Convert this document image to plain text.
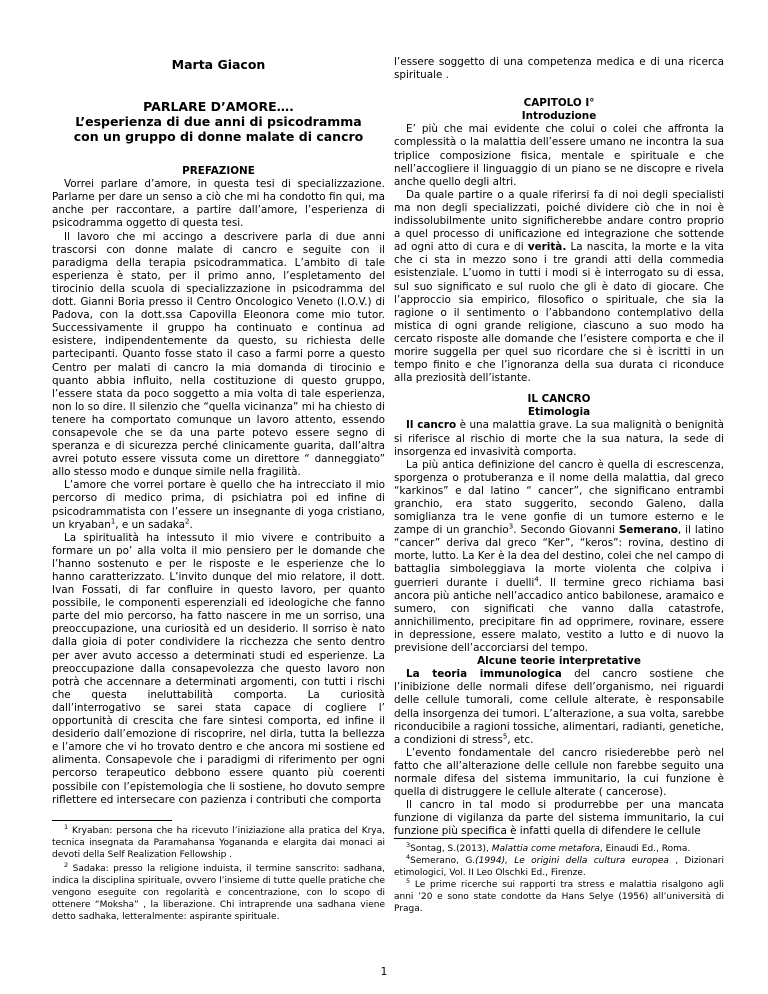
Marta Giacon
PARLARE D’AMORE….
L’esperienza di due anni di psicodramma
con un gruppo di donne malate di cancro
PREFAZIONE

Vorrei parlare d’amore, in questa tesi di specializzazione. Parlarne per dare un senso a ciò che mi ha condotto fin qui, ma anche per raccontare, a partire dall’amore, l’esperienza di psicodramma oggetto di questa tesi.

Il lavoro che mi accingo a descrivere parla di due anni trascorsi con donne malate di cancro e seguite con il paradigma della terapia psicodrammatica. L’ambito di tale esperienza è stato, per il primo anno, l’espletamento del tirocinio della scuola di specializzazione in psicodramma del dott. Gianni Boria presso il Centro Oncologico Veneto (I.O.V.) di Padova, con la dott.ssa Capovilla Eleonora come mio tutor. Successivamente il gruppo ha continuato e continua ad esistere, indipendentemente da questo, su richiesta delle partecipanti. Quanto fosse stato il caso a farmi porre a questo Centro per malati di cancro la mia domanda di tirocinio e quanto abbia influito, nella costituzione di questo gruppo, l’essere stata da poco soggetto a mia volta di tale esperienza, non lo so dire. Il silenzio che “quella vicinanza” mi ha chiesto di tenere ha comportato comunque un lavoro attento, essendo consapevole che se da una parte potevo essere segno di speranza e di sicurezza perché clinicamente guarita, dall’altra avrei potuto essere vissuta come un direttore “ danneggiato” allo stesso modo e dunque simile nella fragilità.

L’amore che vorrei portare è quello che ha intrecciato il mio percorso di medico prima, di psichiatra poi ed infine di psicodrammatista con l’essere un insegnante di yoga cristiano, un kryaban$^1$, e un sadaka$^2$.

La spiritualità ha intessuto il mio vivere e contribuito a formare un po’ alla volta il mio pensiero per le domande che l’hanno sostenuto e per le risposte e le esperienze che lo hanno caratterizzato. L’invito dunque del mio relatore, il dott. Ivan Fossati, di far confluire in questo lavoro, per quanto possibile, le componenti esperenziali ed ideologiche che fanno parte del mio percorso, ha fatto nascere in me un sorriso, una preoccupazione, una curiosità ed un desiderio. Il sorriso è nato dalla gioia di poter condividere la ricchezza che sento dentro per aver avuto accesso a determinati studi ed esperienze. La preoccupazione dalla consapevolezza che questo lavoro non potrà che accennare a determinati argomenti, con tutti i rischi che questa ineluttabilità comporta. La curiosità dall’interrogativo se sarei stata capace di cogliere l’ opportunità di crescita che fare sintesi comporta, ed infine il desiderio dall’emozione di riscoprire, nel dirla, tutta la bellezza e l’amore che vi ho trovato dentro e che ancora mi sostiene ed alimenta. Consapevole che i paradigmi di riferimento per ogni percorso terapeutico debbono essere quanto più coerenti possibile con l’epistemologia che li sostiene, ho dovuto sempre riflettere ed intersecare con pazienza i contributi che comporta

l’essere soggetto di una competenza medica e di una ricerca spirituale .

CAPITOLO I°
Introduzione

E’ più che mai evidente che colui o colei che affronta la complessità o la malattia dell’essere umano ne incontra la sua triplice composizione fisica, mentale e spirituale e che nell’accogliere il linguaggio di un piano se ne discopre e rivela anche quello degli altri.

Da quale partire o a quale riferirsi fa di noi degli specialisti ma non degli specializzati, poiché dividere ciò che in noi è indissolubilmente unito significherebbe andare contro proprio a quel processo di unificazione ed integrazione che sottende ad ogni atto di cura e di verità. La nascita, la morte e la vita che ci sta in mezzo sono i tre grandi atti della commedia esistenziale. L’uomo in tutti i modi si è interrogato su di essa, sul suo significato e sul ruolo che gli è dato di giocare. Che l’approccio sia empirico, filosofico o spirituale, che sia la ragione o il sentimento o l’abbandono contemplativo della mistica di ogni grande religione, ciascuno a suo modo ha cercato risposte alle domande che l’esistere comporta e che il morire suggella per quel suo ricordare che si è iscritti in un tempo finito e che l’ignoranza della sua durata ci riconduce alla preziosità dell’istante.

IL CANCRO
Etimologia

Il cancro è una malattia grave. La sua malignità o benignità si riferisce al rischio di morte che la sua natura, la sede di insorgenza ed invasività comporta.

La più antica definizione del cancro è quella di escrescenza, sporgenza o protuberanza e il nome della malattia, dal greco “karkinos” e dal latino “ cancer”, che significano entrambi granchio, era stato suggerito, secondo Galeno, dalla somiglianza tra le vene gonfie di un tumore esterno e le zampe di un granchio$^3$. Secondo Giovanni Semerano, il latino “cancer” deriva dal greco “Ker”, “keros”: rovina, destino di morte, lutto. La Ker è la dea del destino, colei che nel campo di battaglia simboleggiava la morte violenta che colpiva i guerrieri durante i duelli$^4$. Il termine greco richiama basi ancora più antiche nell’accadico antico babilonese, aramaico e sumero, con significati che vanno dalla catastrofe, annichilimento, precipitare fin ad opprimere, rovinare, essere in depressione, essere malato, vestito a lutto e di nuovo la previsione dell’accorciarsi del tempo.

Alcune teorie interpretative

La teoria immunologica del cancro sostiene che l’inibizione delle normali difese dell’organismo, nei riguardi delle cellule tumorali, come cellule alterate, è responsabile della insorgenza dei tumori. L’alterazione, a sua volta, sarebbe riconducibile a ragioni tossiche, alimentari, radianti, genetiche, a condizioni di stress$^5$, etc.

L’evento fondamentale del cancro risiederebbe però nel fatto che all’alterazione delle cellule non farebbe seguito una normale difesa del sistema immunitario, la cui funzione è quella di distruggere le cellule alterate ( cancerose).

Il cancro in tal modo si produrrebbe per una mancata funzione di vigilanza da parte del sistema immunitario, la cui funzione più specifica è infatti quella di difendere le cellule

$^1$ Kryaban: persona che ha ricevuto l’iniziazione alla pratica del Krya, tecnica insegnata da Paramahansa Yogananda e elargita dai monaci ai devoti della Self Realization Fellowship .

$^2$ Sadaka: presso la religione induista, il termine sanscrito: sadhana, indica la disciplina spirituale, ovvero l’insieme di tutte quelle pratiche che vengono eseguite con regolarità e concentrazione, con lo scopo di ottenere “Moksha” , la liberazione. Chi intraprende una sadhana viene detto sadhaka, letteralmente: aspirante spirituale.

$^3$Sontag, S.(2013), Malattia come metafora, Einaudi Ed., Roma.

$^4$Semerano, G.(1994), Le origini della cultura europea , Dizionari etimologici, Vol. II Leo Olschki Ed., Firenze.

$^5$ Le prime ricerche sui rapporti tra stress e malattia risalgono agli anni ’20 e sono state condotte da Hans Selye (1956) all’università di Praga.

1
